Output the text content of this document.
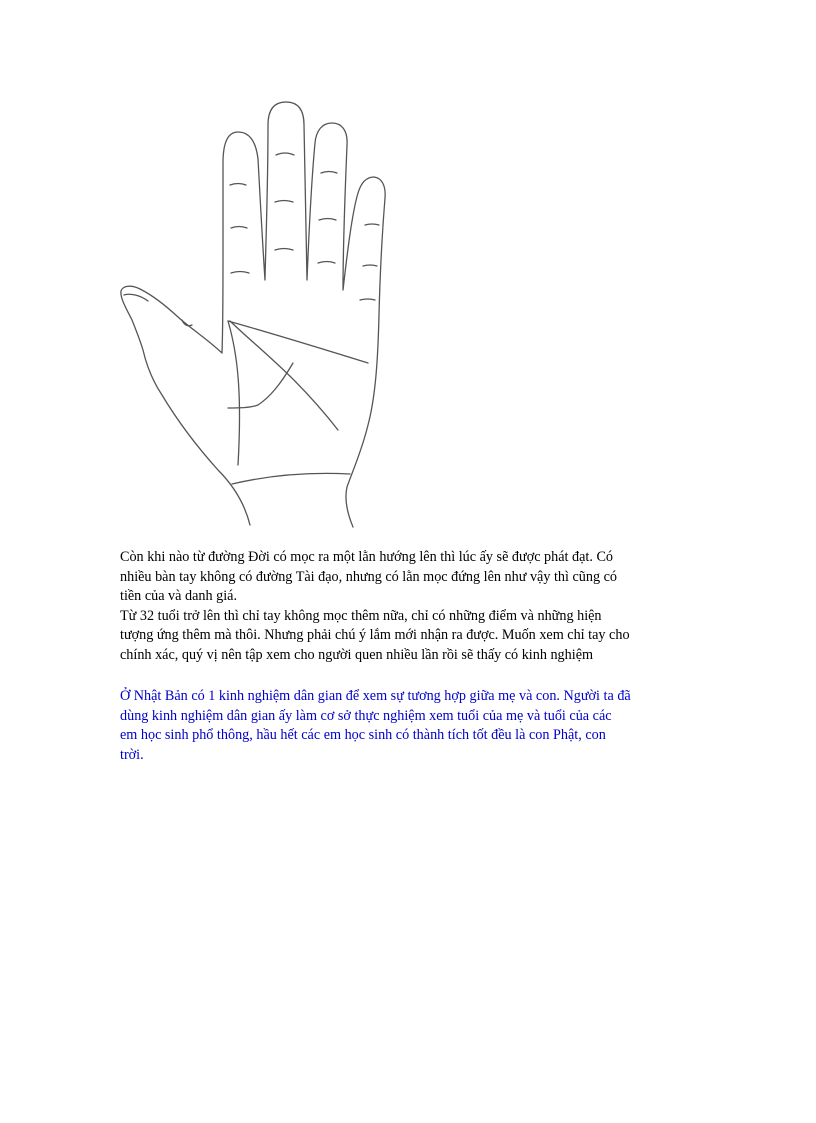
Còn khi nào từ đường Đời có mọc ra một lằn hướng lên thì lúc ấy sẽ được phát đạt. Có
nhiều bàn tay không có đường Tài đạo, nhưng có lằn mọc đứng lên như vậy thì cũng có
tiền của và danh giá.
Từ 32 tuổi trở lên thì chỉ tay không mọc thêm nữa, chỉ có những điểm và những hiện
tượng ứng thêm mà thôi. Nhưng phải chú ý lắm mới nhận ra được. Muốn xem chỉ tay cho
chính xác, quý vị nên tập xem cho người quen nhiều lần rồi sẽ thấy có kinh nghiệm

Ở Nhật Bản có 1 kinh nghiệm dân gian để xem sự tương hợp giữa mẹ và con. Người ta đã
dùng kinh nghiệm dân gian ấy làm cơ sở thực nghiệm xem tuổi của mẹ và tuổi của các
em học sinh phổ thông, hầu hết các em học sinh có thành tích tốt đều là con Phật, con
trời.
